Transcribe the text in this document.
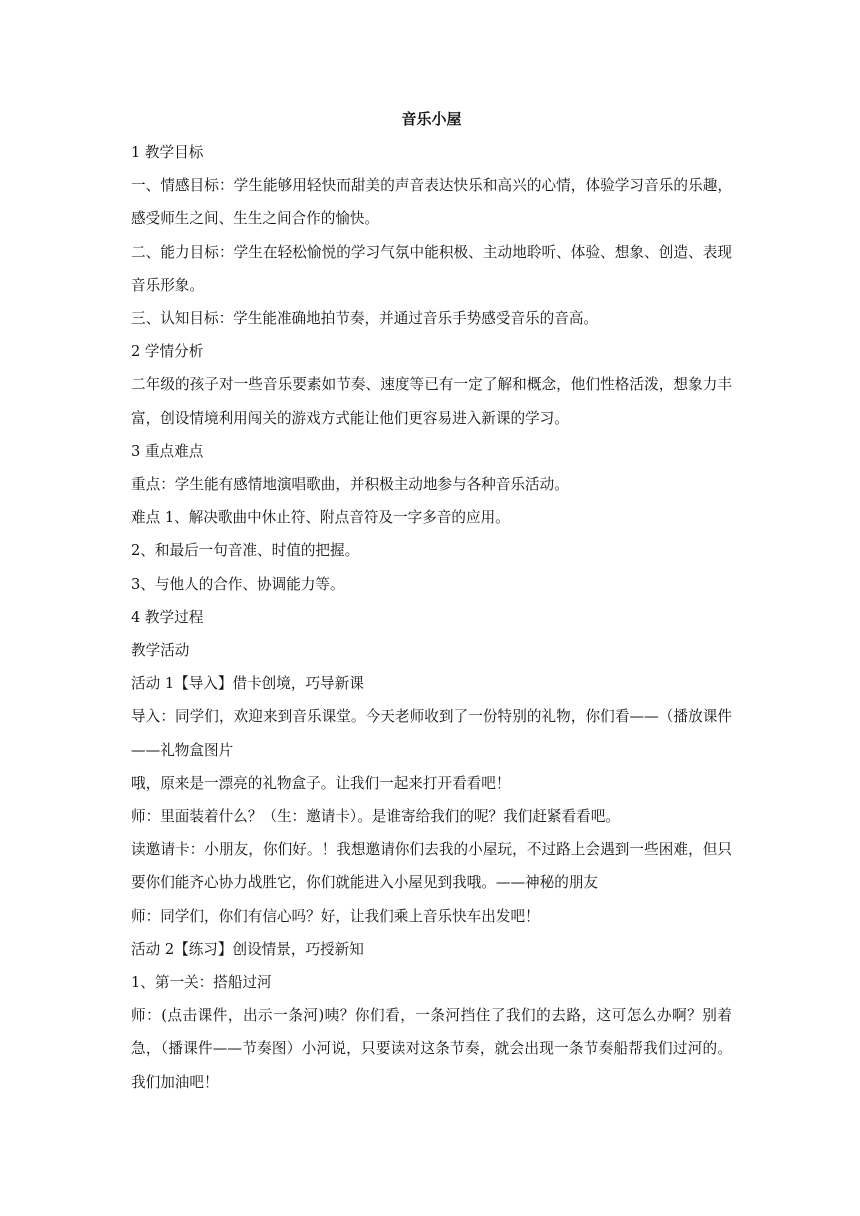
音乐小屋

1 教学目标

一、情感目标：学生能够用轻快而甜美的声音表达快乐和高兴的心情，体验学习音乐的乐趣，感受师生之间、生生之间合作的愉快。

二、能力目标：学生在轻松愉悦的学习气氛中能积极、主动地聆听、体验、想象、创造、表现音乐形象。

三、认知目标：学生能准确地拍节奏，并通过音乐手势感受音乐的音高。

2 学情分析

二年级的孩子对一些音乐要素如节奏、速度等已有一定了解和概念，他们性格活泼，想象力丰富，创设情境利用闯关的游戏方式能让他们更容易进入新课的学习。

3 重点难点

重点：学生能有感情地演唱歌曲，并积极主动地参与各种音乐活动。

难点 1、解决歌曲中休止符、附点音符及一字多音的应用。

2、和最后一句音准、时值的把握。

3、与他人的合作、协调能力等。

4 教学过程

教学活动

活动 1【导入】借卡创境，巧导新课

导入：同学们，欢迎来到音乐课堂。今天老师收到了一份特别的礼物，你们看——（播放课件——礼物盒图片

哦，原来是一漂亮的礼物盒子。让我们一起来打开看看吧！

师：里面装着什么？（生：邀请卡）。是谁寄给我们的呢？我们赶紧看看吧。

读邀请卡：小朋友，你们好。！我想邀请你们去我的小屋玩，不过路上会遇到一些困难，但只要你们能齐心协力战胜它，你们就能进入小屋见到我哦。——神秘的朋友

师：同学们，你们有信心吗？好，让我们乘上音乐快车出发吧！

活动 2【练习】创设情景，巧授新知

1、第一关：搭船过河

师：(点击课件，出示一条河)咦？你们看，一条河挡住了我们的去路，这可怎么办啊？别着急，（播课件——节奏图）小河说，只要读对这条节奏，就会出现一条节奏船帮我们过河的。我们加油吧！
